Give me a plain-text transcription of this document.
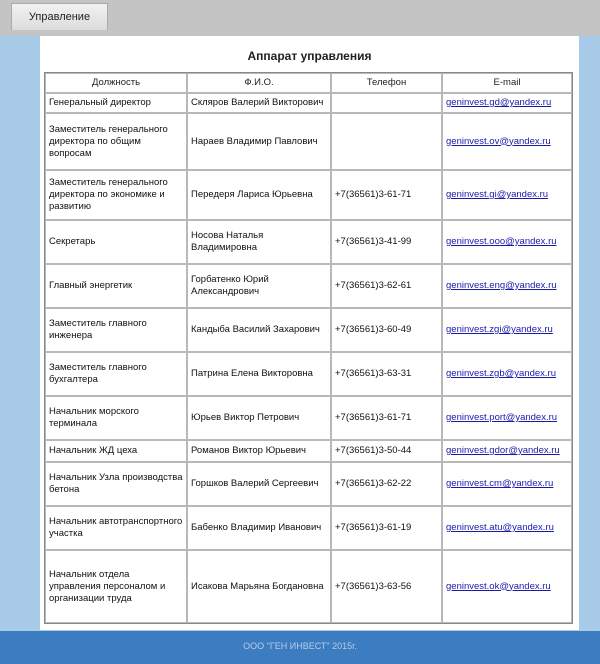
Управление
Аппарат управления
Должность	Ф.И.О.	Телефон	E-mail
Генеральный директор	Скляров Валерий Викторович		geninvest.gd@yandex.ru
Заместитель генерального директора по общим вопросам	Нараев Владимир Павлович		geninvest.ov@yandex.ru
Заместитель генерального директора по экономике и развитию	Передеря Лариса Юрьевна	+7(36561)3-61-71	geninvest.gi@yandex.ru
Секретарь	Носова Наталья Владимировна	+7(36561)3-41-99	geninvest.ooo@yandex.ru
Главный энергетик	Горбатенко Юрий Александрович	+7(36561)3-62-61	geninvest.eng@yandex.ru
Заместитель главного инженера	Кандыба Василий Захарович	+7(36561)3-60-49	geninvest.zgi@yandex.ru
Заместитель главного бухгалтера	Патрина Елена Викторовна	+7(36561)3-63-31	geninvest.zgb@yandex.ru
Начальник морского терминала	Юрьев Виктор Петрович	+7(36561)3-61-71	geninvest.port@yandex.ru
Начальник ЖД цеха	Романов Виктор Юрьевич	+7(36561)3-50-44	geninvest.gdor@yandex.ru
Начальник Узла производства бетона	Горшков Валерий Сергеевич	+7(36561)3-62-22	geninvest.cm@yandex.ru
Начальник автотранспортного участка	Бабенко Владимир Иванович	+7(36561)3-61-19	geninvest.atu@yandex.ru
Начальник отдела управления персоналом и организации труда	Исакова Марьяна Богдановна	+7(36561)3-63-56	geninvest.ok@yandex.ru
ООО "ГЕН ИНВЕСТ" 2015г.
